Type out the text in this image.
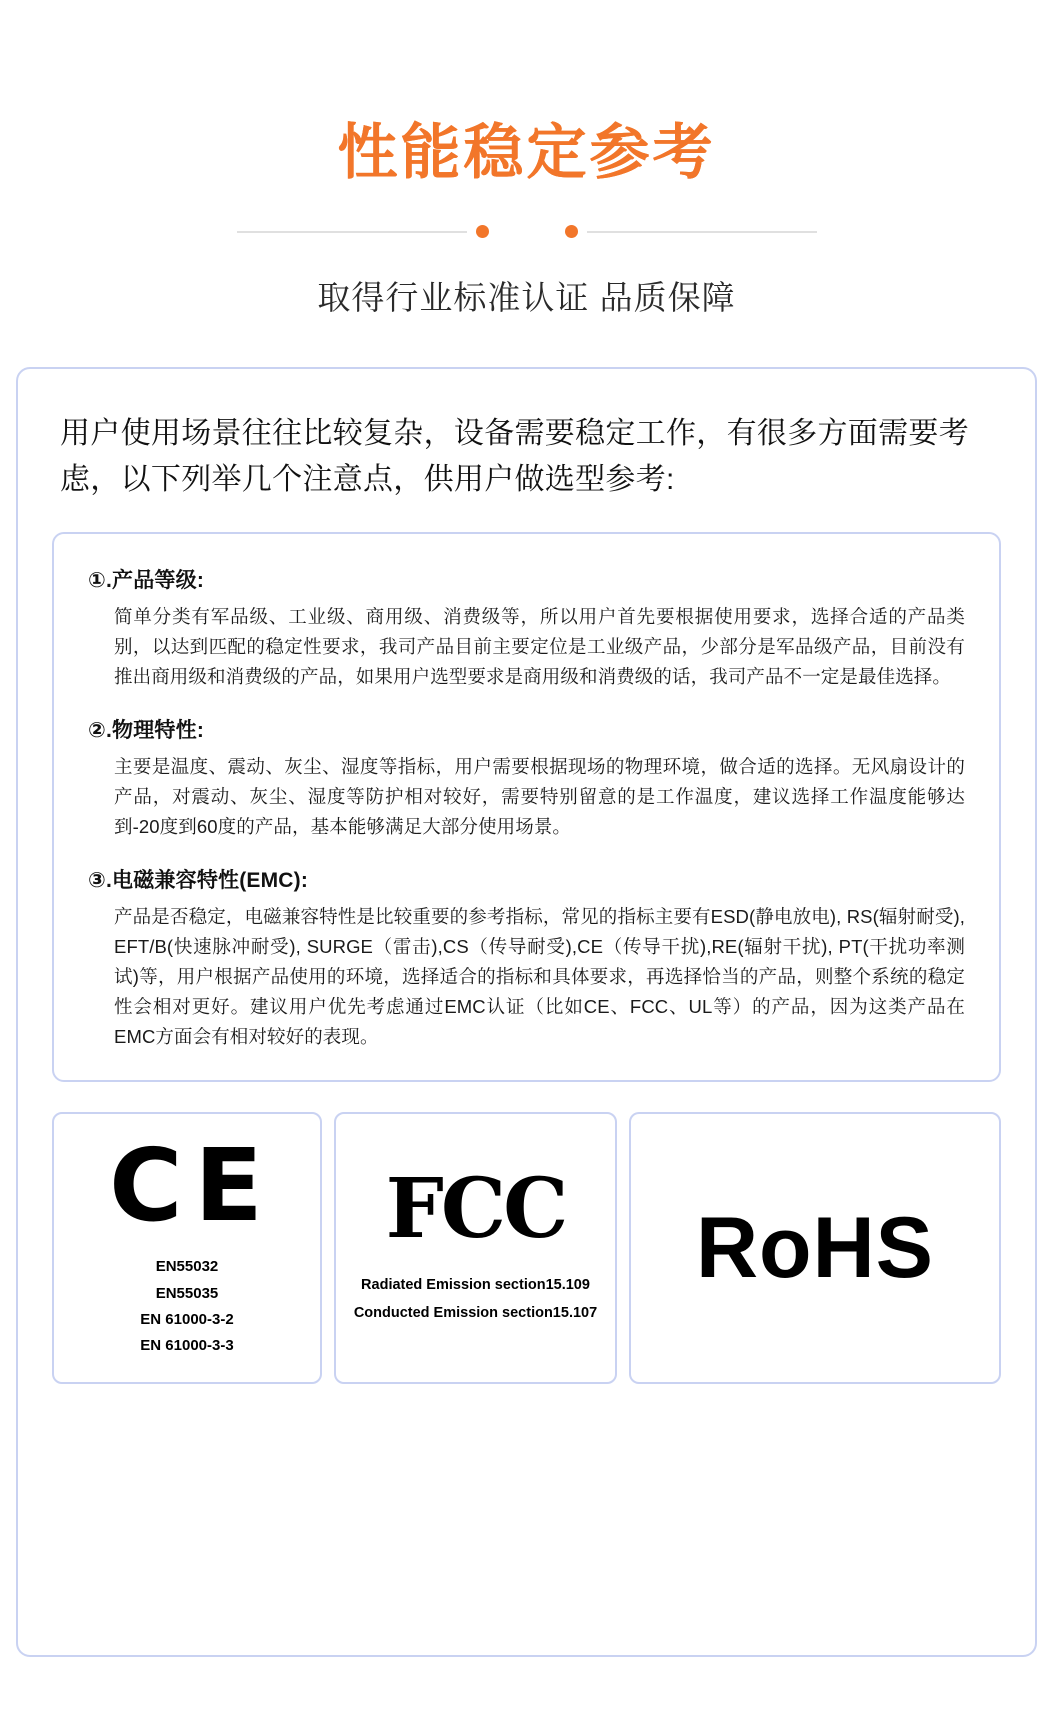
性能稳定参考
取得行业标准认证 品质保障

用户使用场景往往比较复杂，设备需要稳定工作，有很多方面需要考虑，以下列举几个注意点，供用户做选型参考:

①.产品等级:
简单分类有军品级、工业级、商用级、消费级等，所以用户首先要根据使用要求，选择合适的产品类别，以达到匹配的稳定性要求，我司产品目前主要定位是工业级产品，少部分是军品级产品，目前没有推出商用级和消费级的产品，如果用户选型要求是商用级和消费级的话，我司产品不一定是最佳选择。
②.物理特性:
主要是温度、震动、灰尘、湿度等指标，用户需要根据现场的物理环境，做合适的选择。无风扇设计的产品，对震动、灰尘、湿度等防护相对较好，需要特别留意的是工作温度，建议选择工作温度能够达到-20度到60度的产品，基本能够满足大部分使用场景。
③.电磁兼容特性(EMC):
产品是否稳定，电磁兼容特性是比较重要的参考指标，常见的指标主要有ESD(静电放电), RS(辐射耐受), EFT/B(快速脉冲耐受), SURGE（雷击),CS（传导耐受),CE（传导干扰),RE(辐射干扰), PT(干扰功率测试)等，用户根据产品使用的环境，选择适合的指标和具体要求，再选择恰当的产品，则整个系统的稳定性会相对更好。建议用户优先考虑通过EMC认证（比如CE、FCC、UL等）的产品，因为这类产品在EMC方面会有相对较好的表现。
CE
EN55032
EN55035
EN 61000-3-2
EN 61000-3-3
FCC
Radiated Emission section15.109
Conducted Emission section15.107
RoHS
